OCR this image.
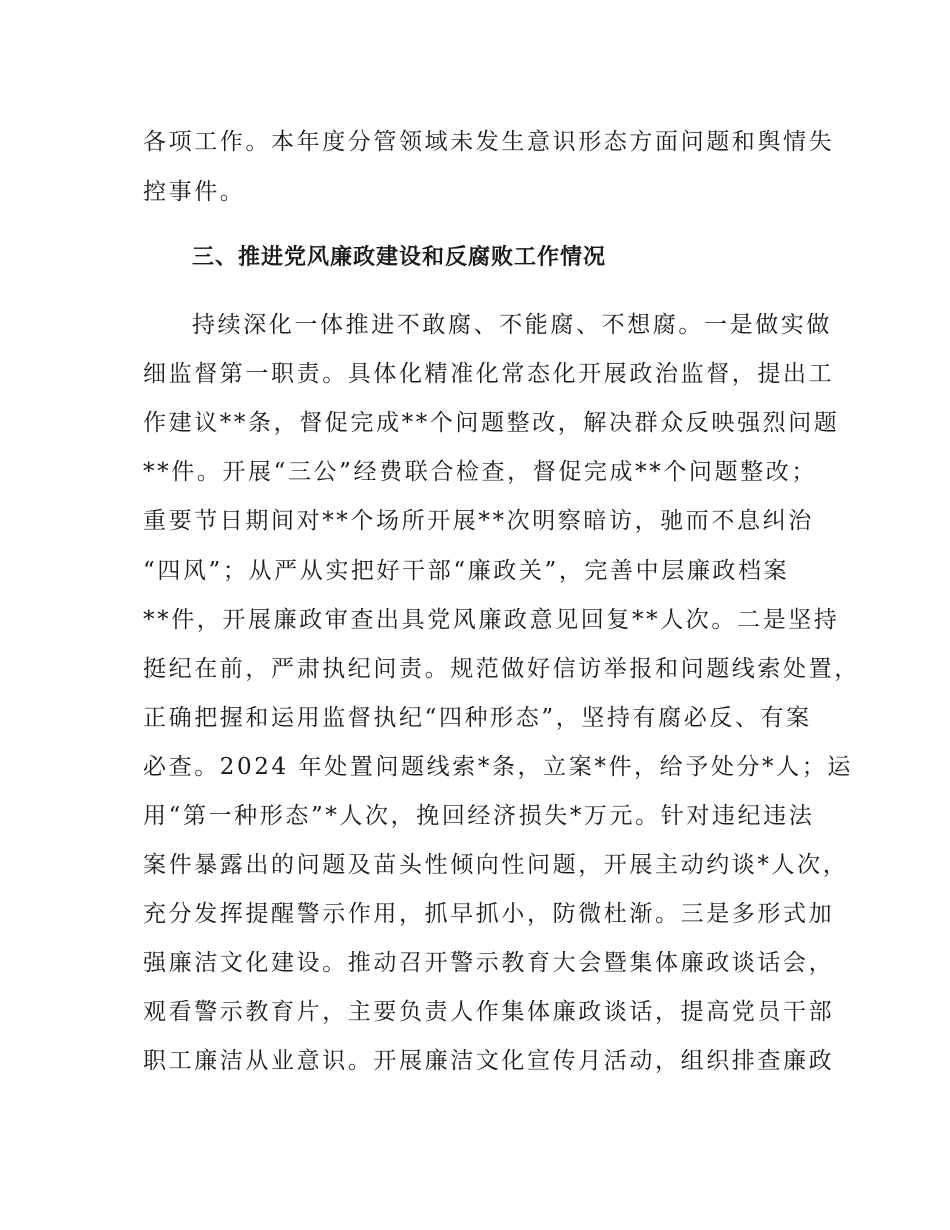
各项工作。本年度分管领域未发生意识形态方面问题和舆情失
控事件。
三、推进党风廉政建设和反腐败工作情况
持续深化一体推进不敢腐、不能腐、不想腐。一是做实做
细监督第一职责。具体化精准化常态化开展政治监督，提出工
作建议**条，督促完成**个问题整改，解决群众反映强烈问题
**件。开展“三公”经费联合检查，督促完成**个问题整改；
重要节日期间对**个场所开展**次明察暗访，驰而不息纠治
“四风”；从严从实把好干部“廉政关”，完善中层廉政档案
**件，开展廉政审查出具党风廉政意见回复**人次。二是坚持
挺纪在前，严肃执纪问责。规范做好信访举报和问题线索处置，
正确把握和运用监督执纪“四种形态”，坚持有腐必反、有案
必查。2024 年处置问题线索*条，立案*件，给予处分*人；运
用“第一种形态”*人次，挽回经济损失*万元。针对违纪违法
案件暴露出的问题及苗头性倾向性问题，开展主动约谈*人次，
充分发挥提醒警示作用，抓早抓小，防微杜渐。三是多形式加
强廉洁文化建设。推动召开警示教育大会暨集体廉政谈话会，
观看警示教育片，主要负责人作集体廉政谈话，提高党员干部
职工廉洁从业意识。开展廉洁文化宣传月活动，组织排查廉政
